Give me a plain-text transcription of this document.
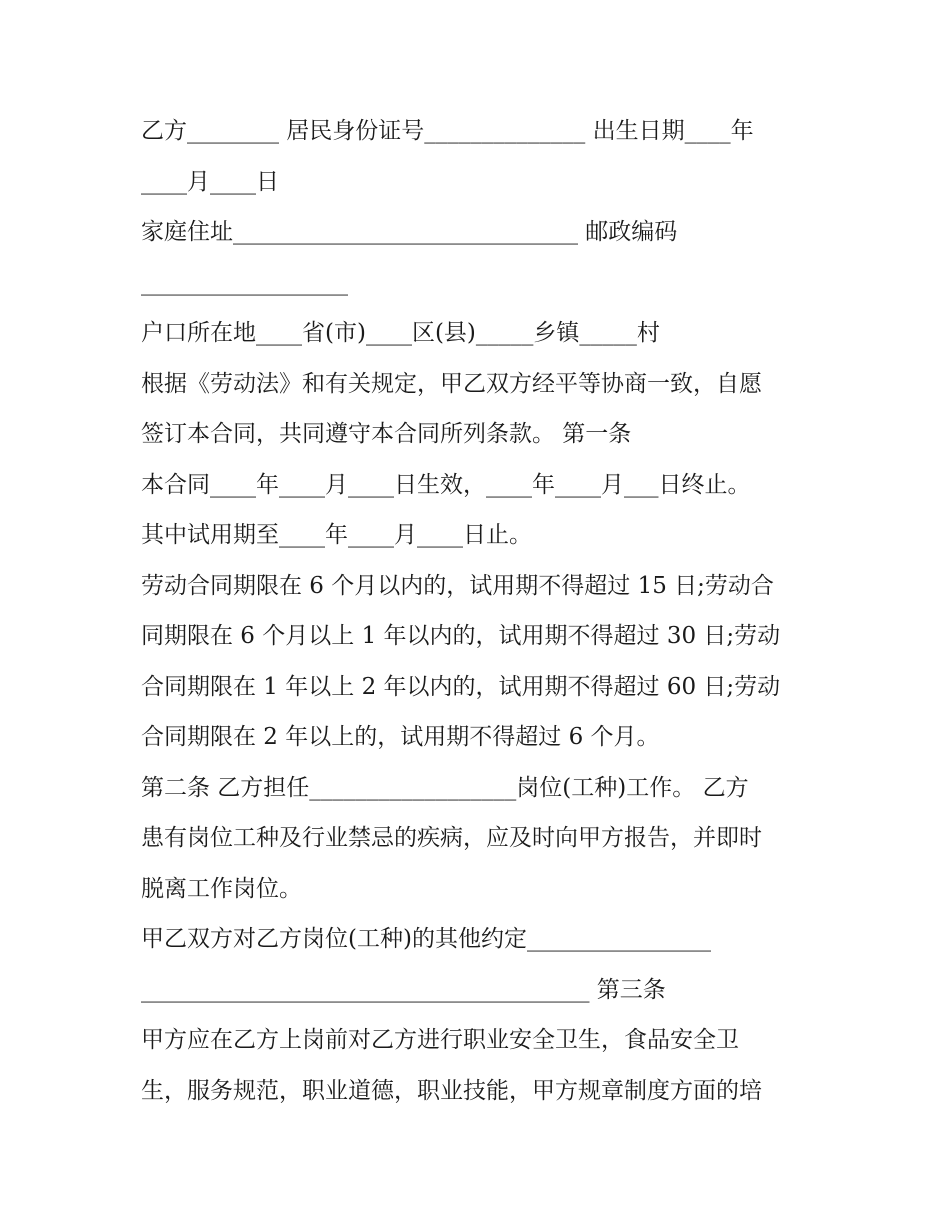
乙方________ 居民身份证号______________ 出生日期____年
____月____日
家庭住址______________________________ 邮政编码
__________________
户口所在地____省(市)____区(县)_____乡镇_____村
根据《劳动法》和有关规定，甲乙双方经平等协商一致，自愿
签订本合同，共同遵守本合同所列条款。 第一条
本合同____年____月____日生效，____年____月___日终止。
其中试用期至____年____月____日止。
劳动合同期限在 6 个月以内的，试用期不得超过 15 日;劳动合
同期限在 6 个月以上 1 年以内的，试用期不得超过 30 日;劳动
合同期限在 1 年以上 2 年以内的，试用期不得超过 60 日;劳动
合同期限在 2 年以上的，试用期不得超过 6 个月。
第二条 乙方担任__________________岗位(工种)工作。 乙方
患有岗位工种及行业禁忌的疾病，应及时向甲方报告，并即时
脱离工作岗位。
甲乙双方对乙方岗位(工种)的其他约定________________
_______________________________________ 第三条
甲方应在乙方上岗前对乙方进行职业安全卫生，食品安全卫
生，服务规范，职业道德，职业技能，甲方规章制度方面的培
